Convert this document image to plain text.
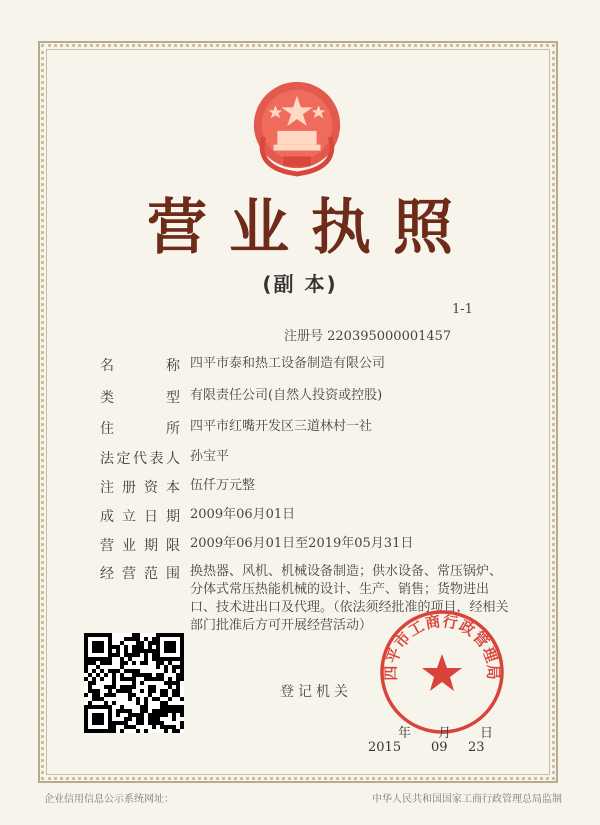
营业执照
(副 本)
1-1
注册号 220395000001457
名 称 四平市泰和热工设备制造有限公司
类 型 有限责任公司(自然人投资或控股)
住 所 四平市红嘴开发区三道林村一社
法定代表人 孙宝平
注册资本 伍仟万元整
成立日期 2009年06月01日
营业期限 2009年06月01日至2019年05月31日
经营范围 换热器、风机、机械设备制造；供水设备、常压锅炉、分体式常压热能机械的设计、生产、销售；货物进出口、技术进出口及代理。（依法须经批准的项目，经相关部门批准后方可开展经营活动）
登记机关
四平市工商行政管理局
年 月 日
2015 09 23
企业信用信息公示系统网址：	中华人民共和国国家工商行政管理总局监制
